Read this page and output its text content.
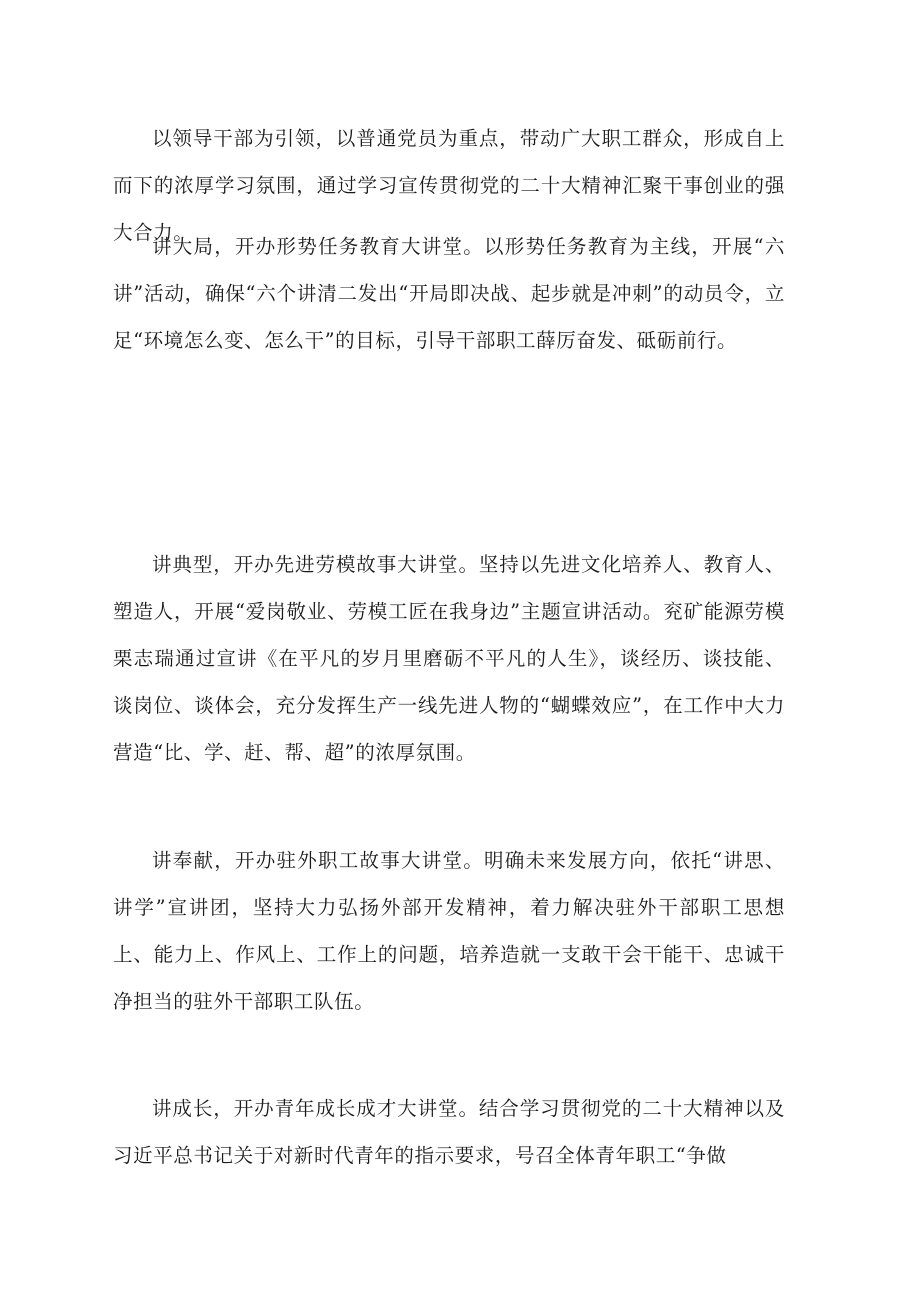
以领导干部为引领，以普通党员为重点，带动广大职工群众，形成自上而下的浓厚学习氛围，通过学习宣传贯彻党的二十大精神汇聚干事创业的强大合力。

讲大局，开办形势任务教育大讲堂。以形势任务教育为主线，开展“六讲”活动，确保“六个讲清二发出“开局即决战、起步就是冲刺”的动员令，立足“环境怎么变、怎么干”的目标，引导干部职工薛厉奋发、砥砺前行。

讲典型，开办先进劳模故事大讲堂。坚持以先进文化培养人、教育人、塑造人，开展“爱岗敬业、劳模工匠在我身边”主题宣讲活动。兖矿能源劳模栗志瑞通过宣讲《在平凡的岁月里磨砺不平凡的人生》，谈经历、谈技能、谈岗位、谈体会，充分发挥生产一线先进人物的“蝴蝶效应”，在工作中大力营造“比、学、赶、帮、超”的浓厚氛围。

讲奉献，开办驻外职工故事大讲堂。明确未来发展方向，依托“讲思、讲学”宣讲团，坚持大力弘扬外部开发精神，着力解决驻外干部职工思想上、能力上、作风上、工作上的问题，培养造就一支敢干会干能干、忠诚干净担当的驻外干部职工队伍。

讲成长，开办青年成长成才大讲堂。结合学习贯彻党的二十大精神以及习近平总书记关于对新时代青年的指示要求，号召全体青年职工“争做
